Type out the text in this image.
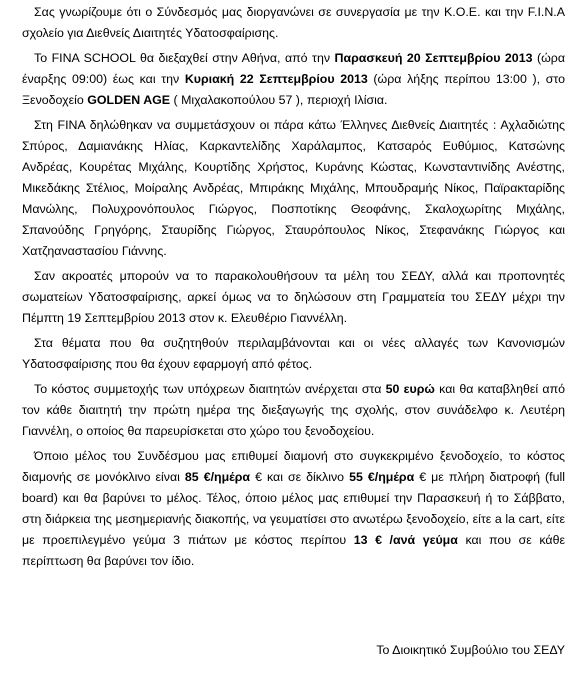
Σας γνωρίζουμε ότι ο Σύνδεσμός μας διοργανώνει σε συνεργασία με την Κ.Ο.Ε. και την F.I.N.A σχολείο για Διεθνείς Διαιτητές Υδατοσφαίρισης.

Το FINA SCHOOL θα διεξαχθεί στην Αθήνα, από την Παρασκευή 20 Σεπτεμβρίου 2013 (ώρα έναρξης 09:00) έως και την Κυριακή 22 Σεπτεμβρίου 2013 (ώρα λήξης περίπου 13:00 ), στο Ξενοδοχείο GOLDEN AGE ( Μιχαλακοπούλου 57 ), περιοχή Ιλίσια.

Στη FINA δηλώθηκαν να συμμετάσχουν οι πάρα κάτω Έλληνες Διεθνείς Διαιτητές : Αχλαδιώτης Σπύρος, Δαμιανάκης Ηλίας, Καρκαντελίδης Χαράλαμπος, Κατσαρός Ευθύμιος, Κατσώνης Ανδρέας, Κουρέτας Μιχάλης, Κουρτίδης Χρήστος, Κυράνης Κώστας, Κωνσταντινίδης Ανέστης, Μικεδάκης Στέλιος, Μοίραλης Ανδρέας, Μπιράκης Μιχάλης, Μπουδραμής Νίκος, Παϊρακταρίδης Μανώλης, Πολυχρονόπουλος Γιώργος, Ποσποτίκης Θεοφάνης, Σκαλοχωρίτης Μιχάλης, Σπανούδης Γρηγόρης, Σταυρίδης Γιώργος, Σταυρόπουλος Νίκος, Στεφανάκης Γιώργος και Χατζηαναστασίου Γιάννης.

Σαν ακροατές μπορούν να το παρακολουθήσουν τα μέλη του ΣΕΔΥ, αλλά και προπονητές σωματείων Υδατοσφαίρισης, αρκεί όμως να το δηλώσουν στη Γραμματεία του ΣΕΔΥ μέχρι την Πέμπτη 19 Σεπτεμβρίου 2013 στον κ. Ελευθέριο Γιαννέλλη.

Στα θέματα που θα συζητηθούν περιλαμβάνονται και οι νέες αλλαγές των Κανονισμών Υδατοσφαίρισης που θα έχουν εφαρμογή από φέτος.

Το κόστος συμμετοχής των υπόχρεων διαιτητών ανέρχεται στα 50 ευρώ και θα καταβληθεί από τον κάθε διαιτητή την πρώτη ημέρα της διεξαγωγής της σχολής, στον συνάδελφο κ. Λευτέρη Γιαννέλη, ο οποίος θα παρευρίσκεται στο χώρο του ξενοδοχείου.

Όποιο μέλος του Συνδέσμου μας επιθυμεί διαμονή στο συγκεκριμένο ξενοδοχείο, το κόστος διαμονής σε μονόκλινο είναι 85 €/ημέρα € και σε δίκλινο 55 €/ημέρα € με πλήρη διατροφή (full board) και θα βαρύνει το μέλος. Τέλος, όποιο μέλος μας επιθυμεί την Παρασκευή ή το Σάββατο, στη διάρκεια της μεσημεριανής διακοπής, να γευματίσει στο ανωτέρω ξενοδοχείο, είτε a la cart, είτε με προεπιλεγμένο γεύμα 3 πιάτων με κόστος περίπου 13 € /ανά γεύμα και που σε κάθε περίπτωση θα βαρύνει τον ίδιο.

Το Διοικητικό Συμβούλιο του ΣΕΔΥ
